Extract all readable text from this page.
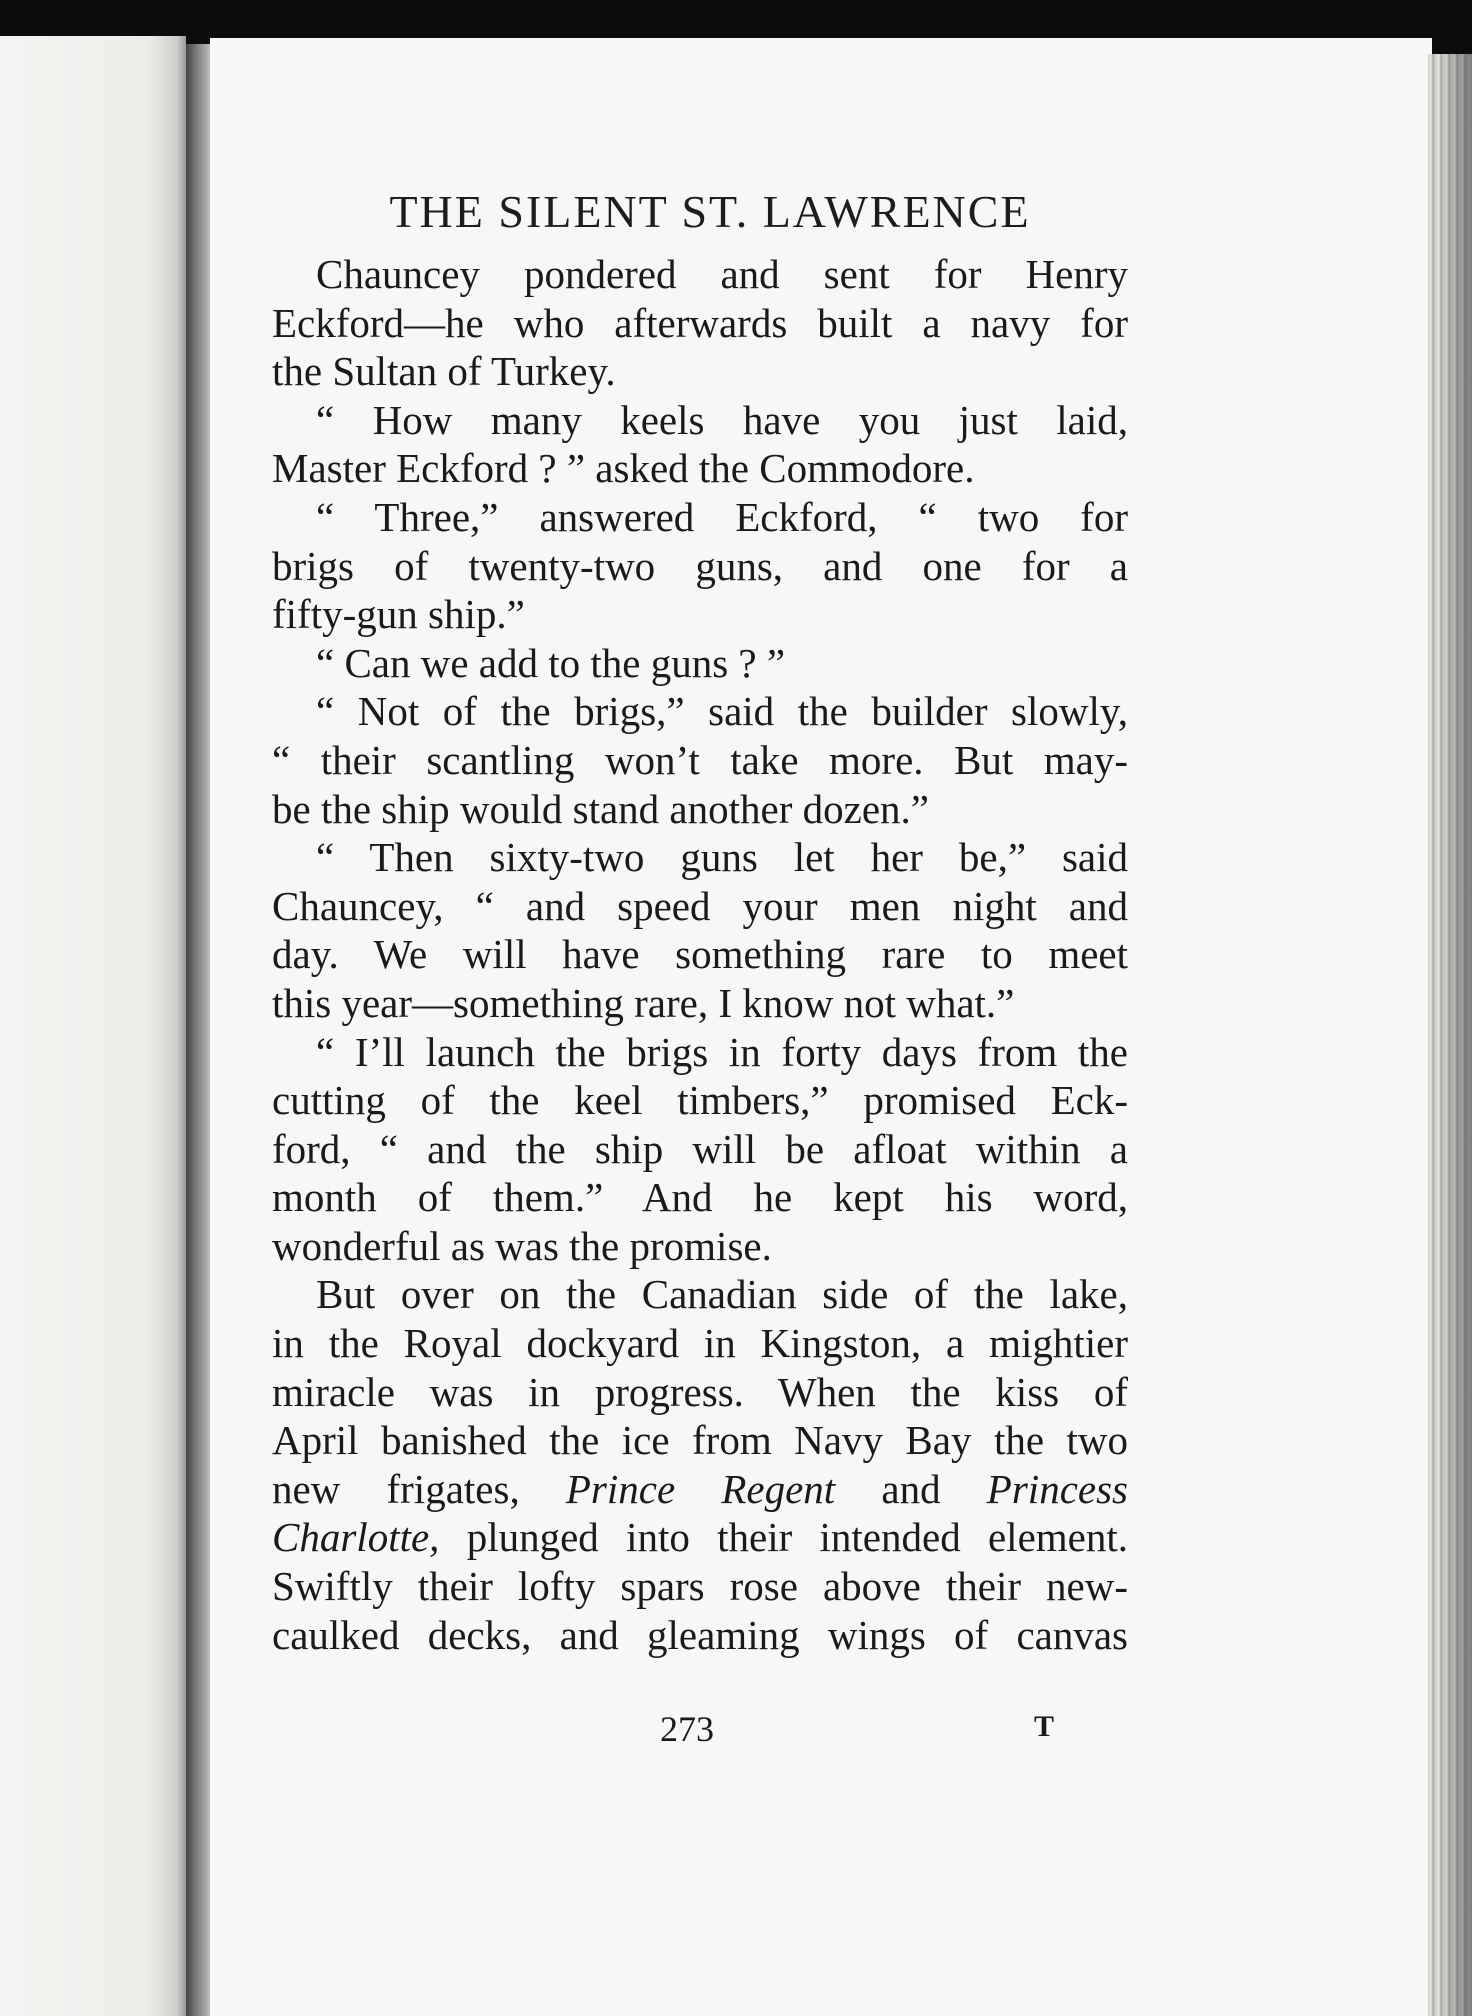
THE SILENT ST. LAWRENCE
Chauncey pondered and sent for Henry
Eckford—he who afterwards built a navy for
the Sultan of Turkey.
“ How many keels have you just laid,
Master Eckford ? ” asked the Commodore.
“ Three,” answered Eckford, “ two for
brigs of twenty-two guns, and one for a
fifty-gun ship.”
“ Can we add to the guns ? ”
“ Not of the brigs,” said the builder slowly,
“ their scantling won’t take more. But may-
be the ship would stand another dozen.”
“ Then sixty-two guns let her be,” said
Chauncey, “ and speed your men night and
day. We will have something rare to meet
this year—something rare, I know not what.”
“ I’ll launch the brigs in forty days from the
cutting of the keel timbers,” promised Eck-
ford, “ and the ship will be afloat within a
month of them.” And he kept his word,
wonderful as was the promise.
But over on the Canadian side of the lake,
in the Royal dockyard in Kingston, a mightier
miracle was in progress. When the kiss of
April banished the ice from Navy Bay the two
new frigates, Prince Regent and Princess
Charlotte, plunged into their intended element.
Swiftly their lofty spars rose above their new-
caulked decks, and gleaming wings of canvas
273	T
